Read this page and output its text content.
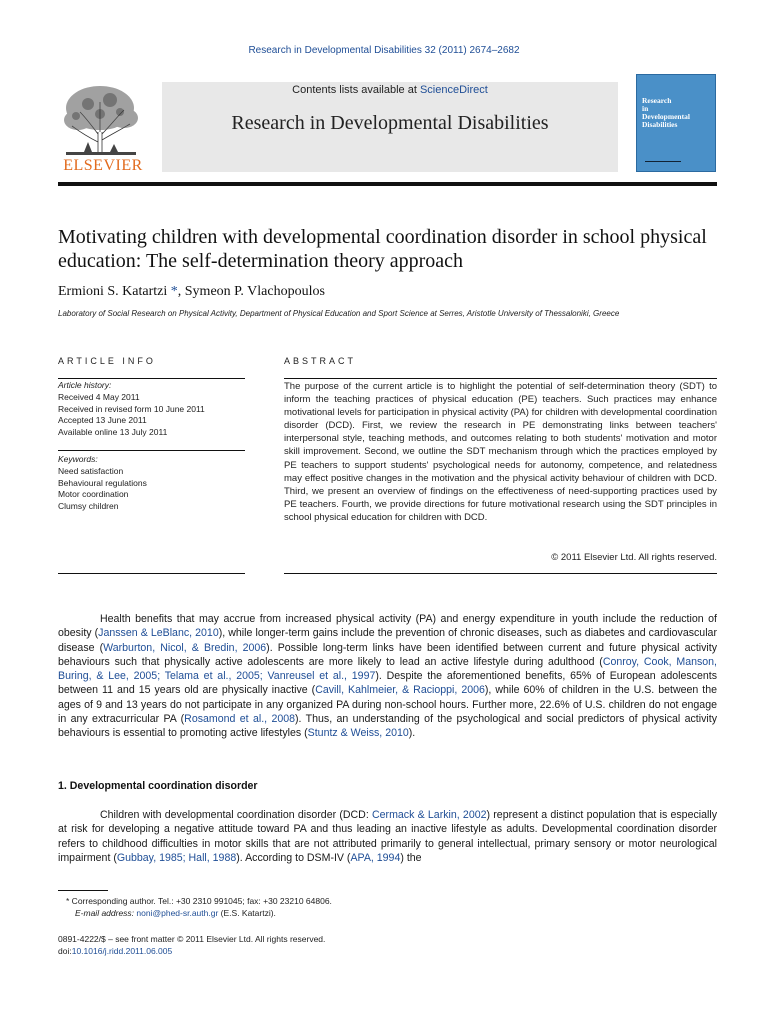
Research in Developmental Disabilities 32 (2011) 2674–2682
ELSEVIER
Contents lists available at ScienceDirect
Research in Developmental Disabilities
Research
in
Developmental
Disabilities
Motivating children with developmental coordination disorder in school physical education: The self-determination theory approach
Ermioni S. Katartzi *, Symeon P. Vlachopoulos
Laboratory of Social Research on Physical Activity, Department of Physical Education and Sport Science at Serres, Aristotle University of Thessaloniki, Greece
ARTICLE INFO	ABSTRACT
Article history:
Received 4 May 2011
Received in revised form 10 June 2011
Accepted 13 June 2011
Available online 13 July 2011
Keywords:
Need satisfaction
Behavioural regulations
Motor coordination
Clumsy children

The purpose of the current article is to highlight the potential of self-determination theory (SDT) to inform the teaching practices of physical education (PE) teachers. Such practices may enhance motivational levels for participation in physical activity (PA) for children with developmental coordination disorder (DCD). First, we review the research in PE demonstrating links between teachers' interpersonal style, teaching methods, and outcomes relating to both students' motivation and motor skill improvement. Second, we outline the SDT mechanism through which the practices employed by PE teachers to support students' psychological needs for autonomy, competence, and relatedness may effect positive changes in the motivation and the physical activity behaviour of children with DCD. Third, we present an overview of findings on the effectiveness of need-supporting practices used by PE teachers. Fourth, we provide directions for future motivational research using the SDT principles in school physical education for children with DCD.

© 2011 Elsevier Ltd. All rights reserved.

Health benefits that may accrue from increased physical activity (PA) and energy expenditure in youth include the reduction of obesity (Janssen & LeBlanc, 2010), while longer-term gains include the prevention of chronic diseases, such as diabetes and cardiovascular disease (Warburton, Nicol, & Bredin, 2006). Possible long-term links have been identified between current and future physical activity behaviours such that physically active adolescents are more likely to lead an active lifestyle during adulthood (Conroy, Cook, Manson, Buring, & Lee, 2005; Telama et al., 2005; Vanreusel et al., 1997). Despite the aforementioned benefits, 65% of European adolescents between 11 and 15 years old are physically inactive (Cavill, Kahlmeier, & Racioppi, 2006), while 60% of children in the U.S. between the ages of 9 and 13 years do not participate in any organized PA during non-school hours. Further more, 22.6% of U.S. children do not engage in any extracurricular PA (Rosamond et al., 2008). Thus, an understanding of the psychological and social predictors of physical activity behaviours is essential to promoting active lifestyles (Stuntz & Weiss, 2010).

1. Developmental coordination disorder

Children with developmental coordination disorder (DCD: Cermack & Larkin, 2002) represent a distinct population that is especially at risk for developing a negative attitude toward PA and thus leading an inactive lifestyle as adults. Developmental coordination disorder refers to childhood difficulties in motor skills that are not attributed primarily to general intellectual, primary sensory or motor neurological impairment (Gubbay, 1985; Hall, 1988). According to DSM-IV (APA, 1994) the

* Corresponding author. Tel.: +30 2310 991045; fax: +30 23210 64806.
E-mail address: noni@phed-sr.auth.gr (E.S. Katartzi).
0891-4222/$ – see front matter © 2011 Elsevier Ltd. All rights reserved.
doi:10.1016/j.ridd.2011.06.005
